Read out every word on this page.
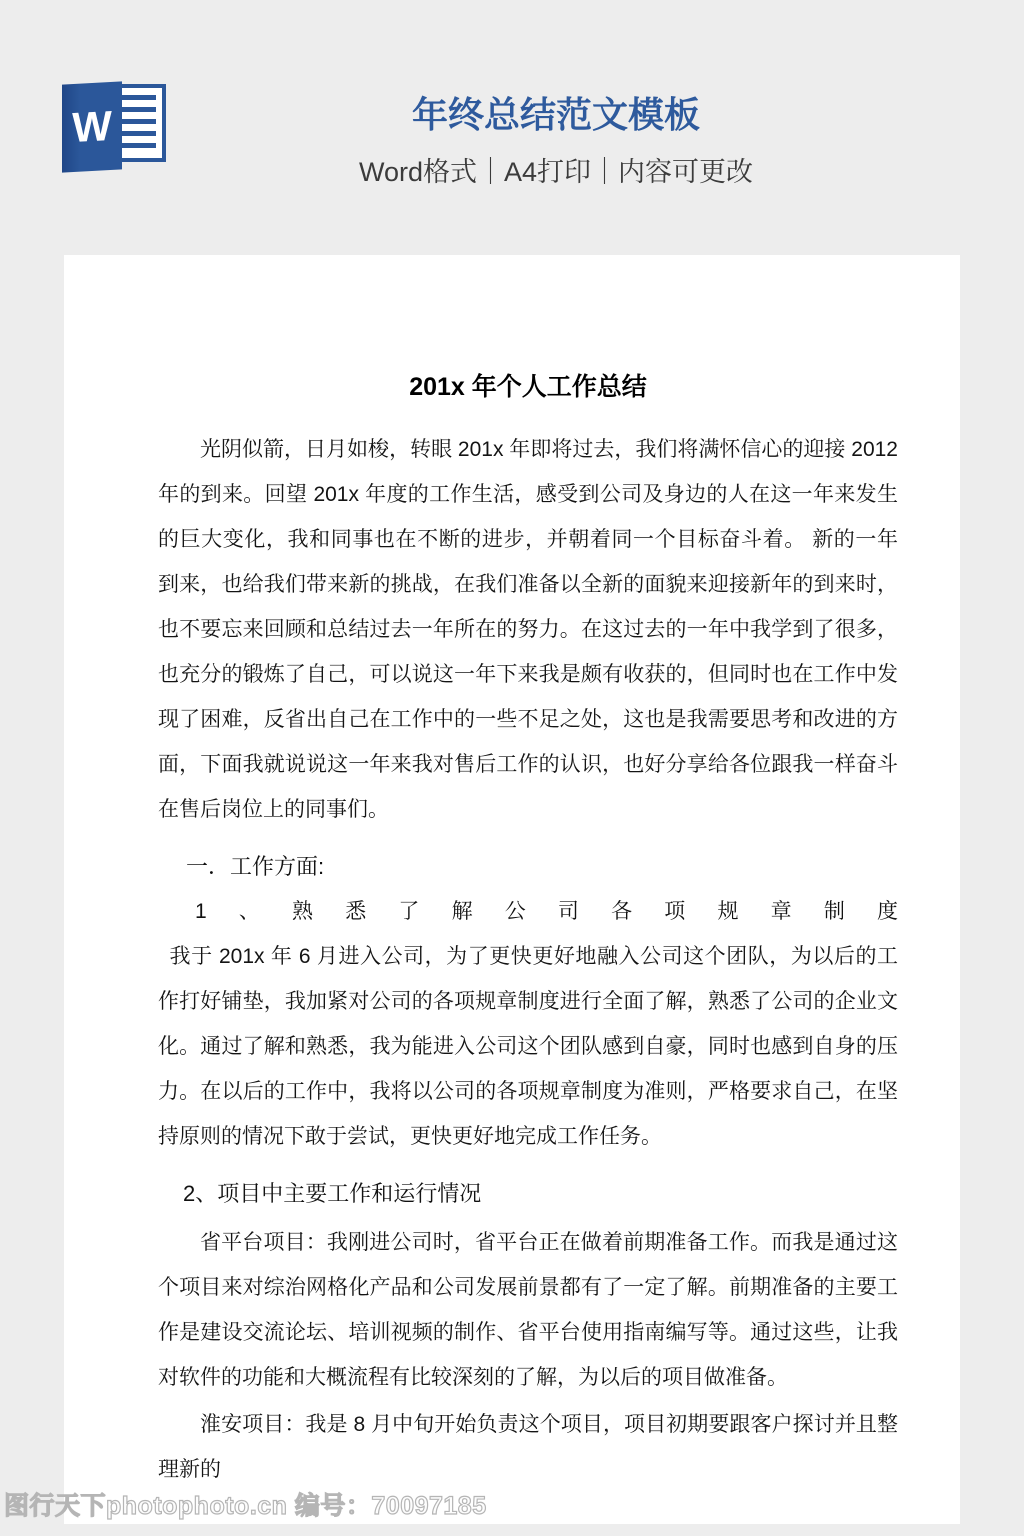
W	年终总结范文模板
Word格式｜A4打印｜内容可更改
201x 年个人工作总结

光阴似箭，日月如梭，转眼 201x 年即将过去，我们将满怀信心的迎接 2012 年的到来。回望 201x 年度的工作生活，感受到公司及身边的人在这一年来发生的巨大变化，我和同事也在不断的进步，并朝着同一个目标奋斗着。 新的一年到来，也给我们带来新的挑战，在我们准备以全新的面貌来迎接新年的到来时，也不要忘来回顾和总结过去一年所在的努力。在这过去的一年中我学到了很多，也充分的锻炼了自己，可以说这一年下来我是颇有收获的，但同时也在工作中发现了困难，反省出自己在工作中的一些不足之处，这也是我需要思考和改进的方面，下面我就说说这一年来我对售后工作的认识，也好分享给各位跟我一样奋斗在售后岗位上的同事们。

一．工作方面:
1、熟悉了解公司各项规章制度

我于 201x 年 6 月进入公司，为了更快更好地融入公司这个团队，为以后的工作打好铺垫，我加紧对公司的各项规章制度进行全面了解，熟悉了公司的企业文化。通过了解和熟悉，我为能进入公司这个团队感到自豪，同时也感到自身的压力。在以后的工作中，我将以公司的各项规章制度为准则，严格要求自己，在坚持原则的情况下敢于尝试，更快更好地完成工作任务。

2、项目中主要工作和运行情况

省平台项目：我刚进公司时，省平台正在做着前期准备工作。而我是通过这个项目来对综治网格化产品和公司发展前景都有了一定了解。前期准备的主要工作是建设交流论坛、培训视频的制作、省平台使用指南编写等。通过这些，让我对软件的功能和大概流程有比较深刻的了解，为以后的项目做准备。

淮安项目：我是 8 月中旬开始负责这个项目，项目初期要跟客户探讨并且整理新的

图行天下photophoto.cn 编号：70097185
